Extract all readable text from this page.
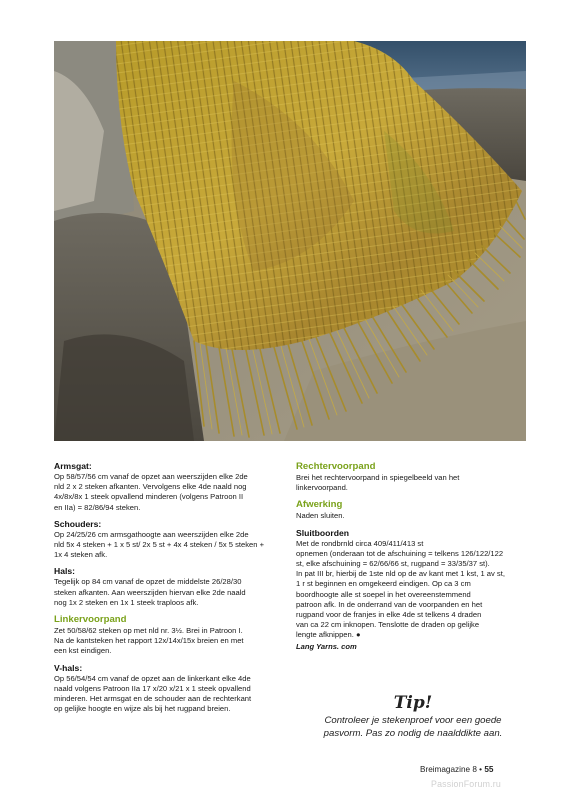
Armsgat:

Op 58/57/56 cm vanaf de opzet aan weerszijden elke 2de
nld 2 x 2 steken afkanten. Vervolgens elke 4de naald nog
4x/8x/8x 1 steek opvallend minderen (volgens Patroon II
en IIa) = 82/86/94 steken.

Schouders:

Op 24/25/26 cm armsgathoogte aan weerszijden elke 2de
nld 5x 4 steken + 1 x 5 st/ 2x 5 st + 4x 4 steken / 5x 5 steken +
1x 4 steken afk.

Hals:

Tegelijk op 84 cm vanaf de opzet de middelste 26/28/30
steken afkanten. Aan weerszijden hiervan elke 2de naald
nog 1x 2 steken en 1x 1 steek traploos afk.

Linkervoorpand

Zet 50/58/62 steken op met nld nr. 3½. Brei in Patroon I.
Na de kantsteken het rapport 12x/14x/15x breien en met
een kst eindigen.

V-hals:

Op 56/54/54 cm vanaf de opzet aan de linkerkant elke 4de
naald volgens Patroon IIa 17 x/20 x/21 x 1 steek opvallend
minderen. Het armsgat en de schouder aan de rechterkant
op gelijke hoogte en wijze als bij het rugpand breien.

Rechtervoorpand

Brei het rechtervoorpand in spiegelbeeld van het
linkervoorpand.

Afwerking

Naden sluiten.

Sluitboorden

Met de rondbrnld circa 409/411/413 st
opnemen (onderaan tot de afschuining = telkens 126/122/122
st, elke afschuining = 62/66/66 st, rugpand = 33/35/37 st).
In pat III br, hierbij de 1ste nld op de av kant met 1 kst, 1 av st,
1 r st beginnen en omgekeerd eindigen. Op ca 3 cm
boordhoogte alle st soepel in het overeenstemmend
patroon afk. In de onderrand van de voorpanden en het
rugpand voor de franjes in elke 4de st telkens 4 draden
van ca 22 cm inknopen. Tenslotte de draden op gelijke
lengte afknippen. ●

Lang Yarns. com
Tip!
Controleer je stekenproef voor een goede
pasvorm. Pas zo nodig de naalddikte aan.
Breimagazine 8 • 55
PassionForum.ru
